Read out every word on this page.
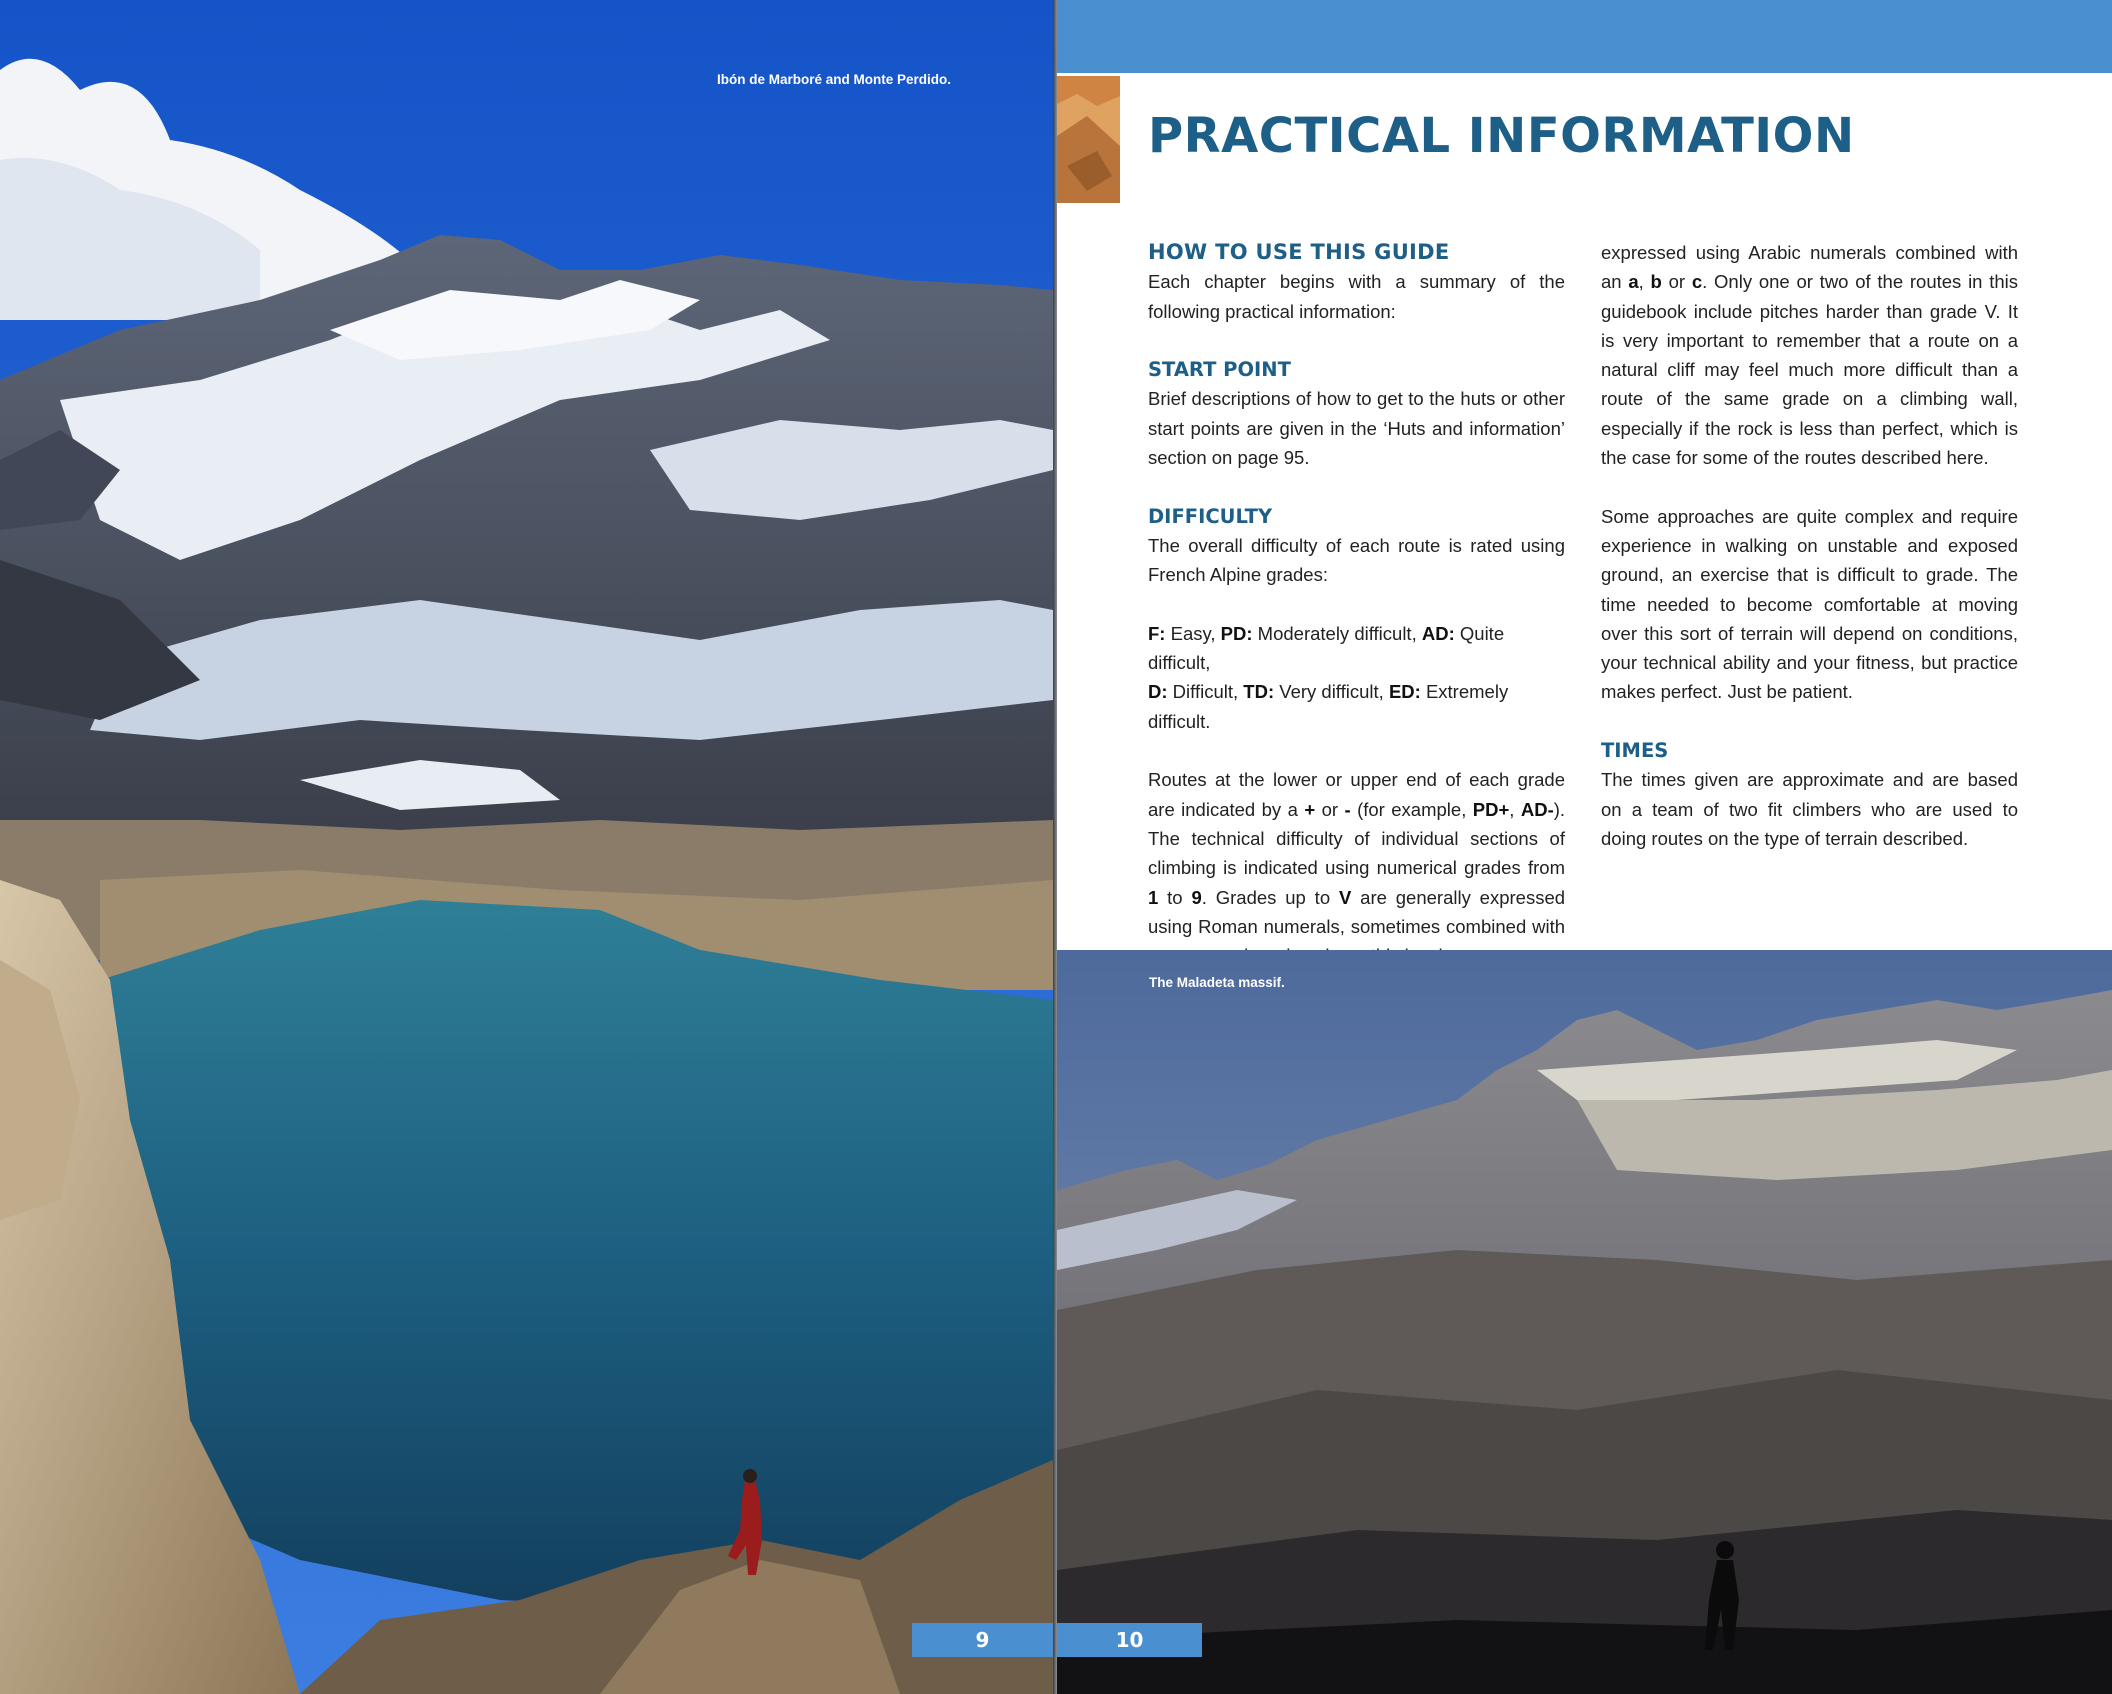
Ibón de Marboré and Monte Perdido.
PRACTICAL INFORMATION
HOW TO USE THIS GUIDE

Each chapter begins with a summary of the following practical information:

START POINT

Brief descriptions of how to get to the huts or other start points are given in the ‘Huts and information’ section on page 95.

DIFFICULTY

The overall difficulty of each route is rated using French Alpine grades:

F: Easy, PD: Moderately difficult, AD: Quite difficult,
D: Difficult, TD: Very difficult, ED: Extremely difficult.

Routes at the lower or upper end of each grade are indicated by a + or - (for example, PD+, AD-). The technical difficulty of individual sections of climbing is indicated using numerical grades from 1 to 9. Grades up to V are generally expressed using Roman numerals, sometimes combined with

expressed using Arabic numerals combined with an a, b or c. Only one or two of the routes in this guidebook include pitches harder than grade V. It is very important to remember that a route on a natural cliff may feel much more difficult than a route of the same grade on a climbing wall, especially if the rock is less than perfect, which is the case for some of the routes described here.

Some approaches are quite complex and require experience in walking on unstable and exposed ground, an exercise that is difficult to grade. The time needed to become comfortable at moving over this sort of terrain will depend on conditions, your technical ability and your fitness, but practice makes perfect. Just be patient.

TIMES

The times given are approximate and are based on a team of two fit climbers who are used to doing routes on the type of terrain described.

The Maladeta massif.
9	10
